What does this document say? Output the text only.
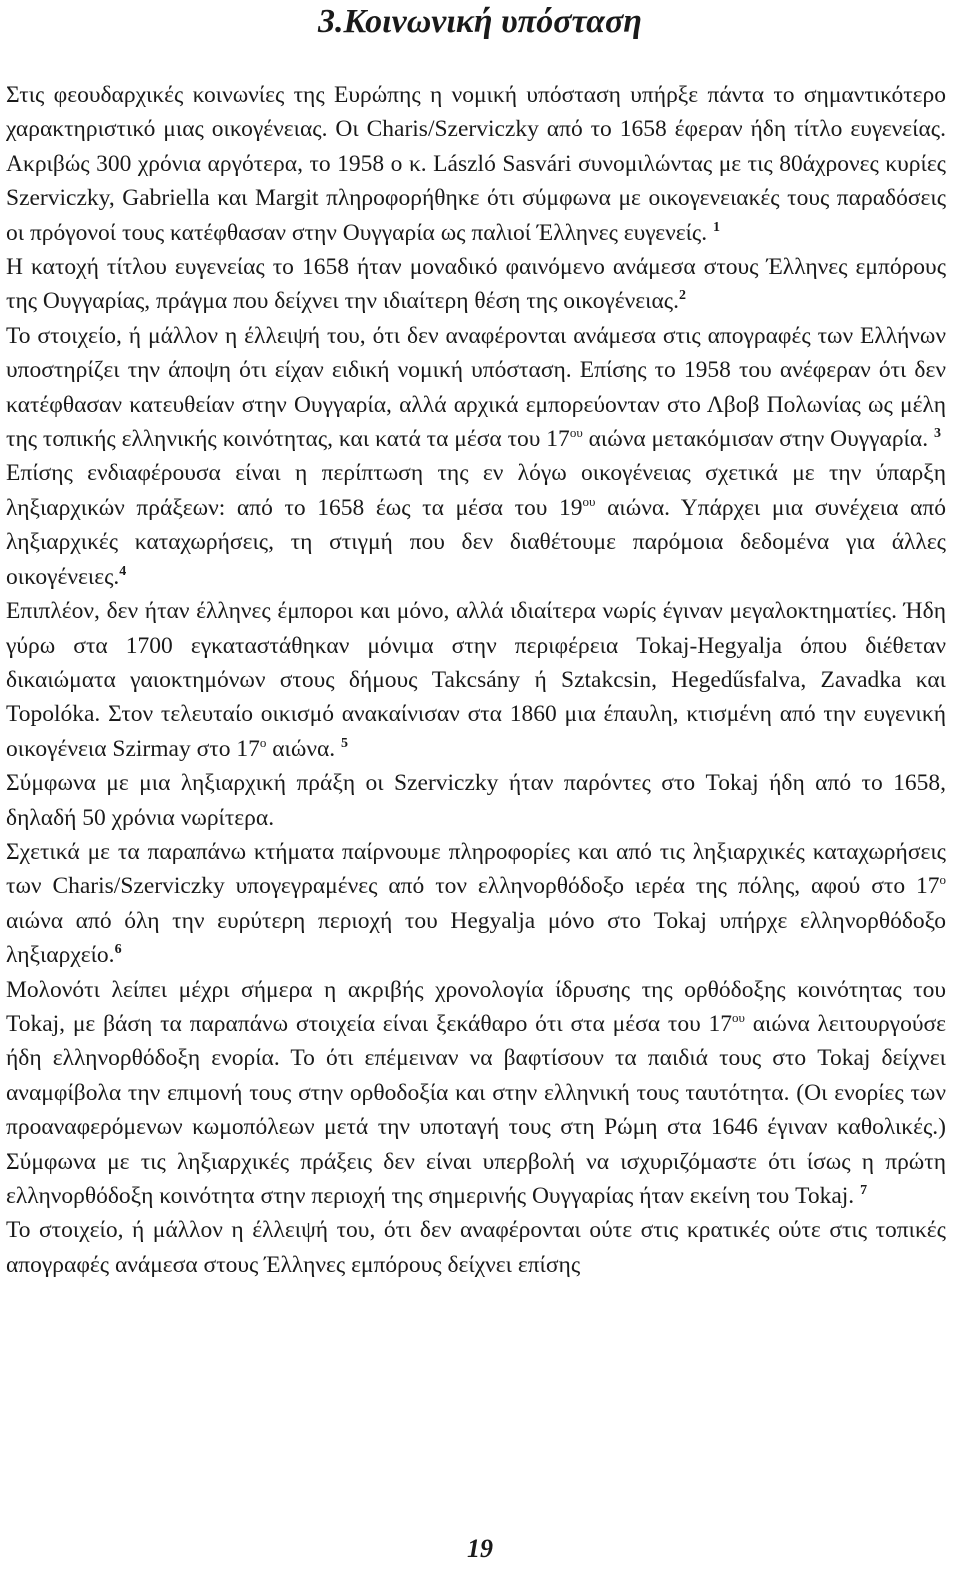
3.Κοινωνική υπόσταση

Στις φεουδαρχικές κοινωνίες της Ευρώπης η νομική υπόσταση υπήρξε πάντα το σημαντικότερο χαρακτηριστικό μιας οικογένειας. Οι Charis/Szerviczky από το 1658 έφεραν ήδη τίτλο ευγενείας. Ακριβώς 300 χρόνια αργότερα, το 1958 ο κ. László Sasvári συνομιλώντας με τις 80άχρονες κυρίες Szerviczky, Gabriella και Margit πληροφορήθηκε ότι σύμφωνα με οικογενειακές τους παραδόσεις οι πρόγονοί τους κατέφθασαν στην Ουγγαρία ως παλιοί Έλληνες ευγενείς. $^1$

Η κατοχή τίτλου ευγενείας το 1658 ήταν μοναδικό φαινόμενο ανάμεσα στους Έλληνες εμπόρους της Ουγγαρίας, πράγμα που δείχνει την ιδιαίτερη θέση της οικογένειας.$^2$

Το στοιχείο, ή μάλλον η έλλειψή του, ότι δεν αναφέρονται ανάμεσα στις απογραφές των Ελλήνων υποστηρίζει την άποψη ότι είχαν ειδική νομική υπόσταση. Επίσης το 1958 του ανέφεραν ότι δεν κατέφθασαν κατευθείαν στην Ουγγαρία, αλλά αρχικά εμπορεύονταν στο Λβοβ Πολωνίας ως μέλη της τοπικής ελληνικής κοινότητας, και κατά τα μέσα του $17^{o\upsilon}$ αιώνα μετακόμισαν στην Ουγγαρία. $^3$

Επίσης ενδιαφέρουσα είναι η περίπτωση της εν λόγω οικογένειας σχετικά με την ύπαρξη ληξιαρχικών πράξεων: από το 1658 έως τα μέσα του $19^{o\upsilon}$ αιώνα. Υπάρχει μια συνέχεια από ληξιαρχικές καταχωρήσεις, τη στιγμή που δεν διαθέτουμε παρόμοια δεδομένα για άλλες οικογένειες.$^4$

Επιπλέον, δεν ήταν έλληνες έμποροι και μόνο, αλλά ιδιαίτερα νωρίς έγιναν μεγαλοκτηματίες. Ήδη γύρω στα 1700 εγκαταστάθηκαν μόνιμα στην περιφέρεια Tokaj-Hegyalja όπου διέθεταν δικαιώματα γαιοκτημόνων στους δήμους Takcsány ή Sztakcsin, Hegedűsfalva, Zavadka και Topolóka. Στον τελευταίο οικισμό ανακαίνισαν στα 1860 μια έπαυλη, κτισμένη από την ευγενική οικογένεια Szirmay στο $17^o$ αιώνα. $^5$

Σύμφωνα με μια ληξιαρχική πράξη οι Szerviczky ήταν παρόντες στο Tokaj ήδη από το 1658, δηλαδή 50 χρόνια νωρίτερα.

Σχετικά με τα παραπάνω κτήματα παίρνουμε πληροφορίες και από τις ληξιαρχικές καταχωρήσεις των Charis/Szerviczky υπογεγραμένες από τον ελληνορθόδοξο ιερέα της πόλης, αφού στο $17^o$ αιώνα από όλη την ευρύτερη περιοχή του Hegyalja μόνο στο Tokaj υπήρχε ελληνορθόδοξο ληξιαρχείο.$^6$

Μολονότι λείπει μέχρι σήμερα η ακριβής χρονολογία ίδρυσης της ορθόδοξης κοινότητας του Tokaj, με βάση τα παραπάνω στοιχεία είναι ξεκάθαρο ότι στα μέσα του $17^{o\upsilon}$ αιώνα λειτουργούσε ήδη ελληνορθόδοξη ενορία. Το ότι επέμειναν να βαφτίσουν τα παιδιά τους στο Tokaj δείχνει αναμφίβολα την επιμονή τους στην ορθοδοξία και στην ελληνική τους ταυτότητα. (Οι ενορίες των προαναφερόμενων κωμοπόλεων μετά την υποταγή τους στη Ρώμη στα 1646 έγιναν καθολικές.) Σύμφωνα με τις ληξιαρχικές πράξεις δεν είναι υπερβολή να ισχυριζόμαστε ότι ίσως η πρώτη ελληνορθόδοξη κοινότητα στην περιοχή της σημερινής Ουγγαρίας ήταν εκείνη του Tokaj. $^7$

Το στοιχείο, ή μάλλον η έλλειψή του, ότι δεν αναφέρονται ούτε στις κρατικές ούτε στις τοπικές απογραφές ανάμεσα στους Έλληνες εμπόρους δείχνει επίσης

19
